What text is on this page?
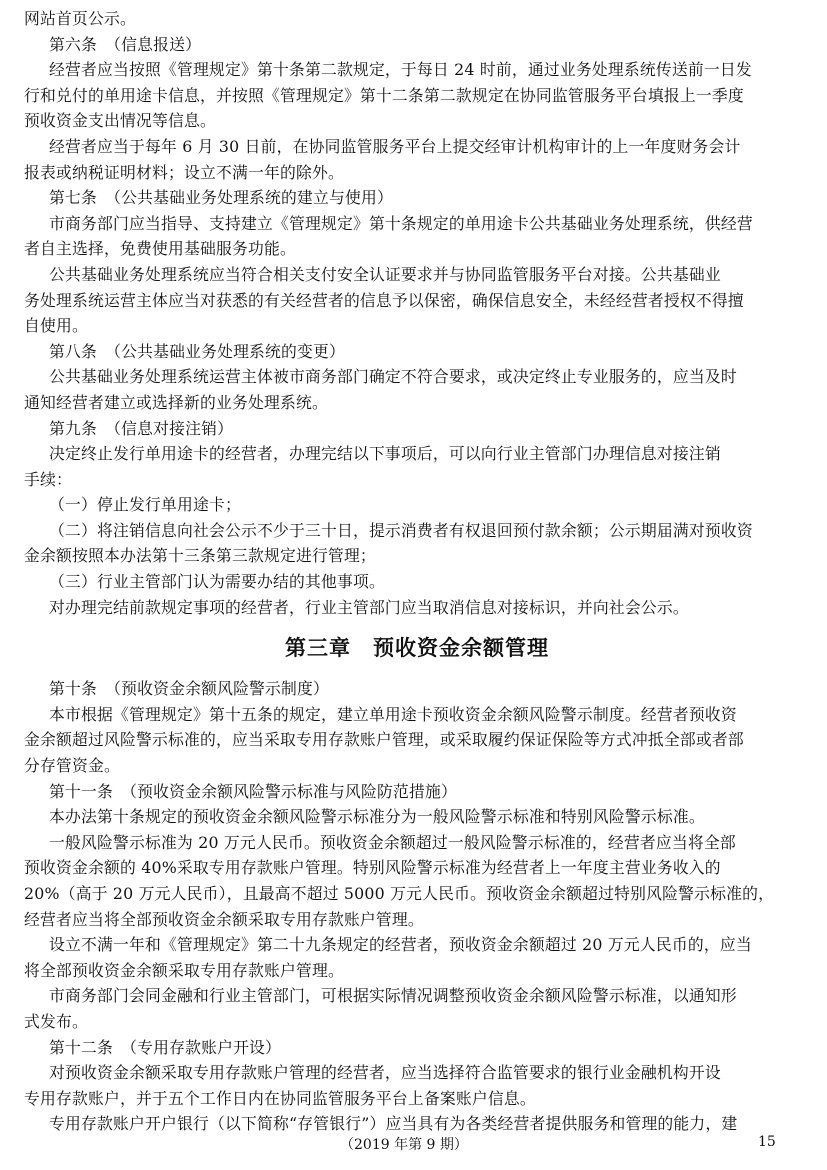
网站首页公示。
第六条　（信息报送）
经营者应当按照《管理规定》第十条第二款规定，于每日 24 时前，通过业务处理系统传送前一日发
行和兑付的单用途卡信息，并按照《管理规定》第十二条第二款规定在协同监管服务平台填报上一季度
预收资金支出情况等信息。
经营者应当于每年 6 月 30 日前，在协同监管服务平台上提交经审计机构审计的上一年度财务会计
报表或纳税证明材料；设立不满一年的除外。
第七条　（公共基础业务处理系统的建立与使用）
市商务部门应当指导、支持建立《管理规定》第十条规定的单用途卡公共基础业务处理系统，供经营
者自主选择，免费使用基础服务功能。
公共基础业务处理系统应当符合相关支付安全认证要求并与协同监管服务平台对接。公共基础业
务处理系统运营主体应当对获悉的有关经营者的信息予以保密，确保信息安全，未经经营者授权不得擅
自使用。
第八条　（公共基础业务处理系统的变更）
公共基础业务处理系统运营主体被市商务部门确定不符合要求，或决定终止专业服务的，应当及时
通知经营者建立或选择新的业务处理系统。
第九条　（信息对接注销）
决定终止发行单用途卡的经营者，办理完结以下事项后，可以向行业主管部门办理信息对接注销
手续：
（一）停止发行单用途卡；
（二）将注销信息向社会公示不少于三十日，提示消费者有权退回预付款余额；公示期届满对预收资
金余额按照本办法第十三条第三款规定进行管理；
（三）行业主管部门认为需要办结的其他事项。
对办理完结前款规定事项的经营者，行业主管部门应当取消信息对接标识，并向社会公示。
第三章　预收资金余额管理
第十条　（预收资金余额风险警示制度）
本市根据《管理规定》第十五条的规定，建立单用途卡预收资金余额风险警示制度。经营者预收资
金余额超过风险警示标准的，应当采取专用存款账户管理，或采取履约保证保险等方式冲抵全部或者部
分存管资金。
第十一条　（预收资金余额风险警示标准与风险防范措施）
本办法第十条规定的预收资金余额风险警示标准分为一般风险警示标准和特别风险警示标准。
一般风险警示标准为 20 万元人民币。预收资金余额超过一般风险警示标准的，经营者应当将全部
预收资金余额的 40%采取专用存款账户管理。特别风险警示标准为经营者上一年度主营业务收入的
20%（高于 20 万元人民币），且最高不超过 5000 万元人民币。预收资金余额超过特别风险警示标准的，
经营者应当将全部预收资金余额采取专用存款账户管理。
设立不满一年和《管理规定》第二十九条规定的经营者，预收资金余额超过 20 万元人民币的，应当
将全部预收资金余额采取专用存款账户管理。
市商务部门会同金融和行业主管部门，可根据实际情况调整预收资金余额风险警示标准，以通知形
式发布。
第十二条　（专用存款账户开设）
对预收资金余额采取专用存款账户管理的经营者，应当选择符合监管要求的银行业金融机构开设
专用存款账户，并于五个工作日内在协同监管服务平台上备案账户信息。
专用存款账户开户银行（以下简称“存管银行”）应当具有为各类经营者提供服务和管理的能力，建
（2019 年第 9 期）	15
